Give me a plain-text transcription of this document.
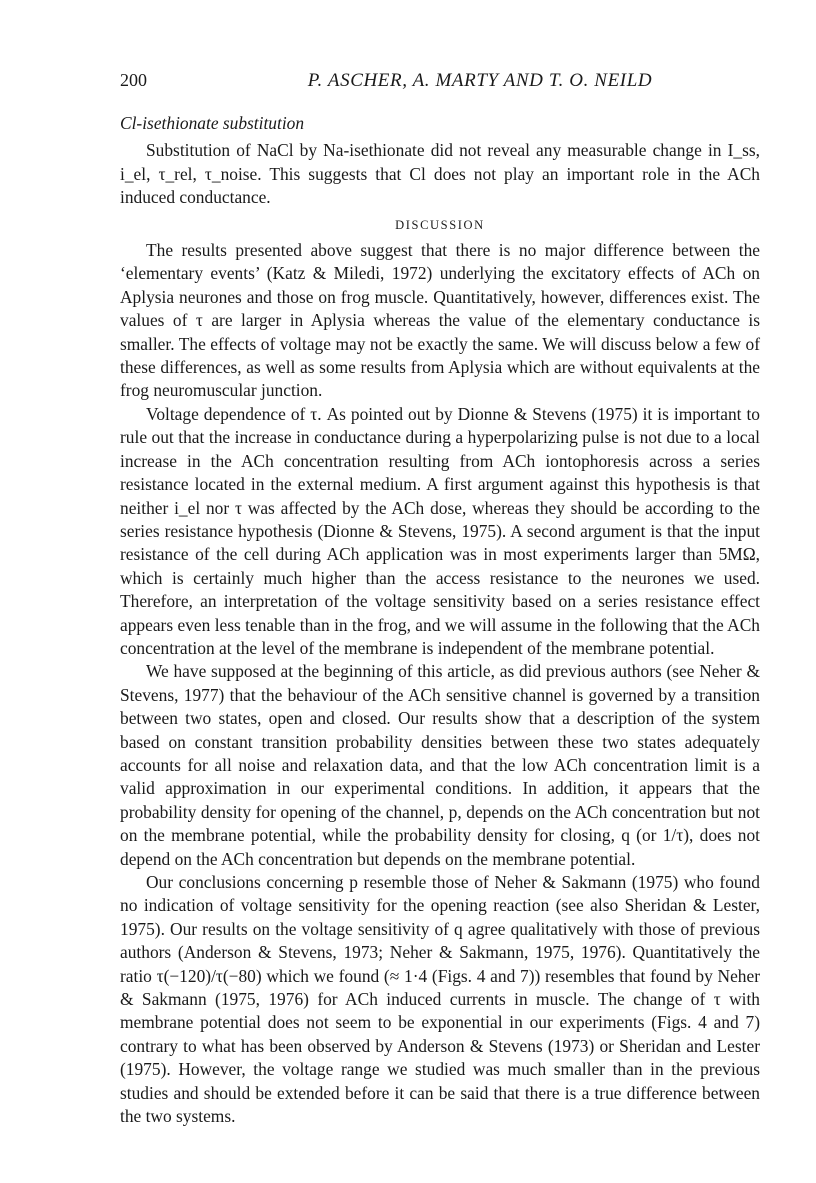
200	P. ASCHER, A. MARTY AND T. O. NEILD
Cl-isethionate substitution

Substitution of NaCl by Na-isethionate did not reveal any measurable change in I_ss, i_el, τ_rel, τ_noise. This suggests that Cl does not play an important role in the ACh induced conductance.

DISCUSSION

The results presented above suggest that there is no major difference between the ‘elementary events’ (Katz & Miledi, 1972) underlying the excitatory effects of ACh on Aplysia neurones and those on frog muscle. Quantitatively, however, differences exist. The values of τ are larger in Aplysia whereas the value of the elementary conductance is smaller. The effects of voltage may not be exactly the same. We will discuss below a few of these differences, as well as some results from Aplysia which are without equivalents at the frog neuromuscular junction.

Voltage dependence of τ. As pointed out by Dionne & Stevens (1975) it is important to rule out that the increase in conductance during a hyperpolarizing pulse is not due to a local increase in the ACh concentration resulting from ACh iontophoresis across a series resistance located in the external medium. A first argument against this hypothesis is that neither i_el nor τ was affected by the ACh dose, whereas they should be according to the series resistance hypothesis (Dionne & Stevens, 1975). A second argument is that the input resistance of the cell during ACh application was in most experiments larger than 5MΩ, which is certainly much higher than the access resistance to the neurones we used. Therefore, an interpretation of the voltage sensitivity based on a series resistance effect appears even less tenable than in the frog, and we will assume in the following that the ACh concentration at the level of the membrane is independent of the membrane potential.

We have supposed at the beginning of this article, as did previous authors (see Neher & Stevens, 1977) that the behaviour of the ACh sensitive channel is governed by a transition between two states, open and closed. Our results show that a description of the system based on constant transition probability densities between these two states adequately accounts for all noise and relaxation data, and that the low ACh concentration limit is a valid approximation in our experimental conditions. In addition, it appears that the probability density for opening of the channel, p, depends on the ACh concentration but not on the membrane potential, while the probability density for closing, q (or 1/τ), does not depend on the ACh concentration but depends on the membrane potential.

Our conclusions concerning p resemble those of Neher & Sakmann (1975) who found no indication of voltage sensitivity for the opening reaction (see also Sheridan & Lester, 1975). Our results on the voltage sensitivity of q agree qualitatively with those of previous authors (Anderson & Stevens, 1973; Neher & Sakmann, 1975, 1976). Quantitatively the ratio τ(−120)/τ(−80) which we found (≈ 1·4 (Figs. 4 and 7)) resembles that found by Neher & Sakmann (1975, 1976) for ACh induced currents in muscle. The change of τ with membrane potential does not seem to be exponential in our experiments (Figs. 4 and 7) contrary to what has been observed by Anderson & Stevens (1973) or Sheridan and Lester (1975). However, the voltage range we studied was much smaller than in the previous studies and should be extended before it can be said that there is a true difference between the two systems.
